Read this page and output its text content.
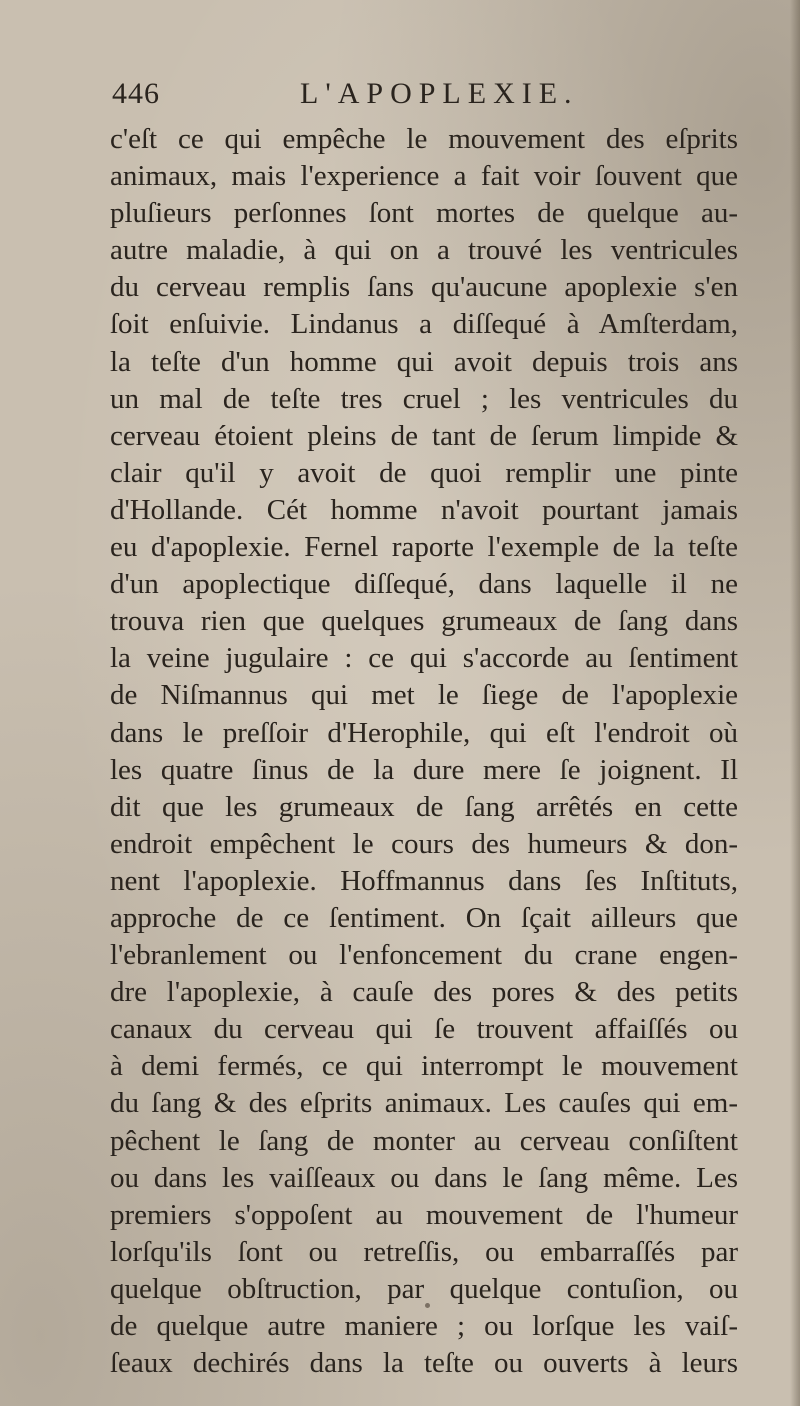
446	L'APOPLEXIE.
c'eſt ce qui empêche le mouvement des eſprits
animaux, mais l'experience a fait voir ſouvent que
pluſieurs perſonnes ſont mortes de quelque au-
autre maladie, à qui on a trouvé les ventricules
du cerveau remplis ſans qu'aucune apoplexie s'en
ſoit enſuivie. Lindanus a diſſequé à Amſterdam,
la teſte d'un homme qui avoit depuis trois ans
un mal de teſte tres cruel ; les ventricules du
cerveau étoient pleins de tant de ſerum limpide &
clair qu'il y avoit de quoi remplir une pinte
d'Hollande. Cét homme n'avoit pourtant jamais
eu d'apoplexie. Fernel raporte l'exemple de la teſte
d'un apoplectique diſſequé, dans laquelle il ne
trouva rien que quelques grumeaux de ſang dans
la veine jugulaire : ce qui s'accorde au ſentiment
de Niſmannus qui met le ſiege de l'apoplexie
dans le preſſoir d'Herophile, qui eſt l'endroit où
les quatre ſinus de la dure mere ſe joignent. Il
dit que les grumeaux de ſang arrêtés en cette
endroit empêchent le cours des humeurs & don-
nent l'apoplexie. Hoffmannus dans ſes Inſtituts,
approche de ce ſentiment. On ſçait ailleurs que
l'ebranlement ou l'enfoncement du crane engen-
dre l'apoplexie, à cauſe des pores & des petits
canaux du cerveau qui ſe trouvent affaiſſés ou
à demi fermés, ce qui interrompt le mouvement
du ſang & des eſprits animaux. Les cauſes qui em-
pêchent le ſang de monter au cerveau conſiſtent
ou dans les vaiſſeaux ou dans le ſang même. Les
premiers s'oppoſent au mouvement de l'humeur
lorſqu'ils ſont ou retreſſis, ou embarraſſés par
quelque obſtruction, par quelque contuſion, ou
de quelque autre maniere ; ou lorſque les vaiſ-
ſeaux dechirés dans la teſte ou ouverts à leurs
